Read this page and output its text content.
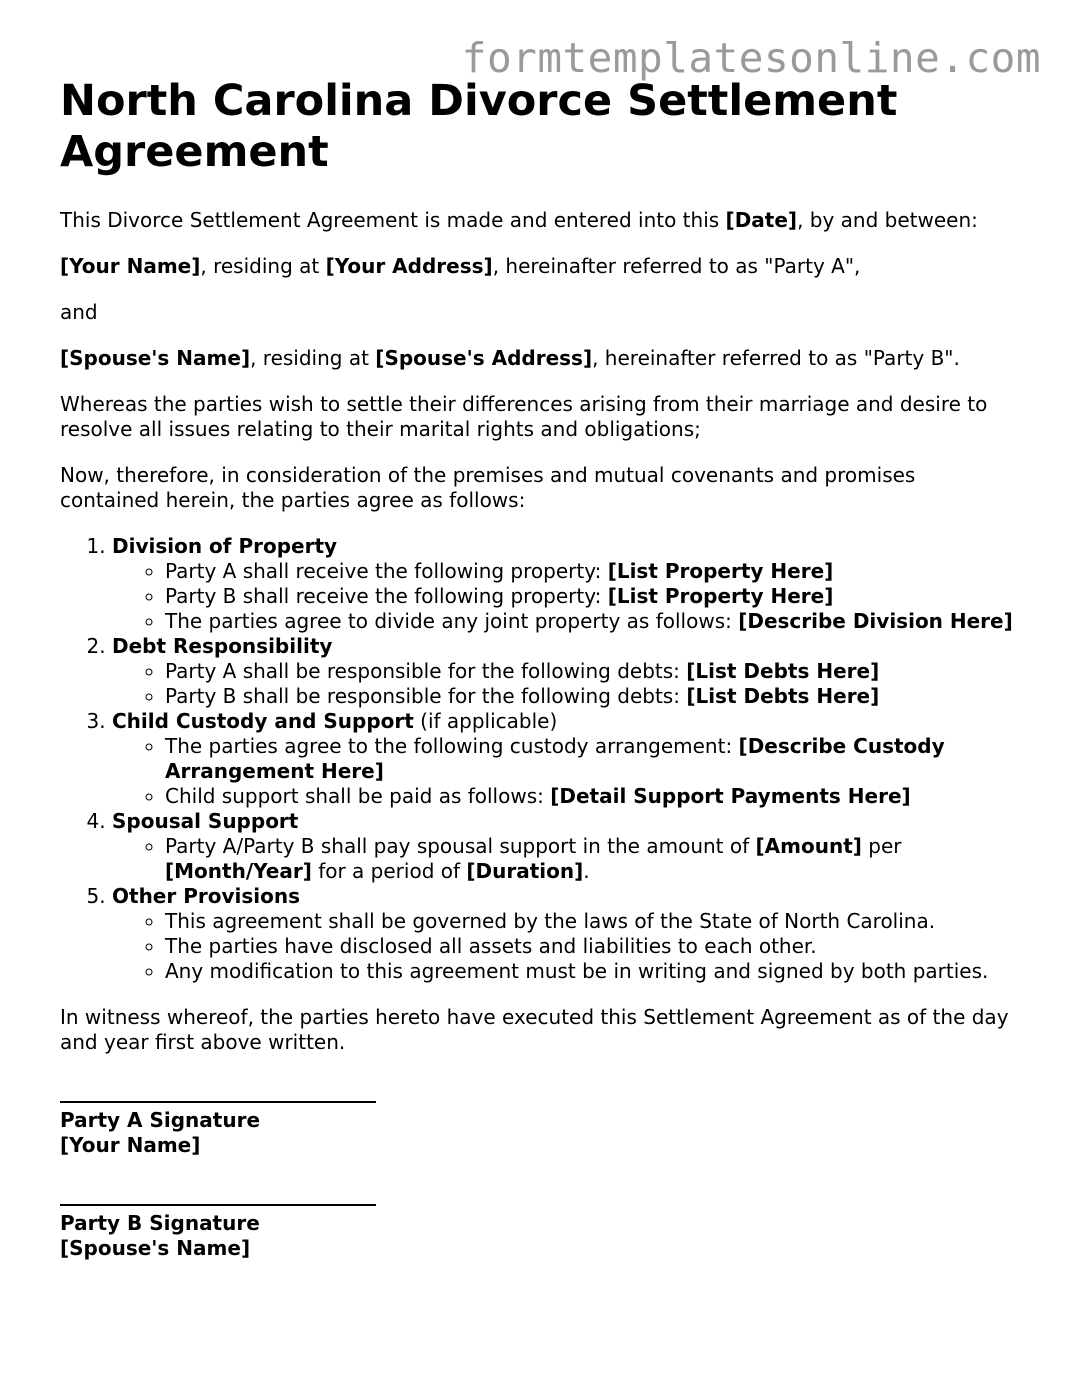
formtemplatesonline.com
North Carolina Divorce Settlement Agreement

This Divorce Settlement Agreement is made and entered into this [Date], by and between:

[Your Name], residing at [Your Address], hereinafter referred to as "Party A",

and

[Spouse's Name], residing at [Spouse's Address], hereinafter referred to as "Party B".

Whereas the parties wish to settle their differences arising from their marriage and desire to resolve all issues relating to their marital rights and obligations;

Now, therefore, in consideration of the premises and mutual covenants and promises contained herein, the parties agree as follows:

1. Division of Property
◦ Party A shall receive the following property: [List Property Here]
◦ Party B shall receive the following property: [List Property Here]
◦ The parties agree to divide any joint property as follows: [Describe Division Here]
2. Debt Responsibility
◦ Party A shall be responsible for the following debts: [List Debts Here]
◦ Party B shall be responsible for the following debts: [List Debts Here]
3. Child Custody and Support (if applicable)
◦ The parties agree to the following custody arrangement: [Describe Custody Arrangement Here]
◦ Child support shall be paid as follows: [Detail Support Payments Here]
4. Spousal Support
◦ Party A/Party B shall pay spousal support in the amount of [Amount] per [Month/Year] for a period of [Duration].
5. Other Provisions
◦ This agreement shall be governed by the laws of the State of North Carolina.
◦ The parties have disclosed all assets and liabilities to each other.
◦ Any modification to this agreement must be in writing and signed by both parties.

In witness whereof, the parties hereto have executed this Settlement Agreement as of the day and year first above written.

Party A Signature
[Your Name]
Party B Signature
[Spouse's Name]
